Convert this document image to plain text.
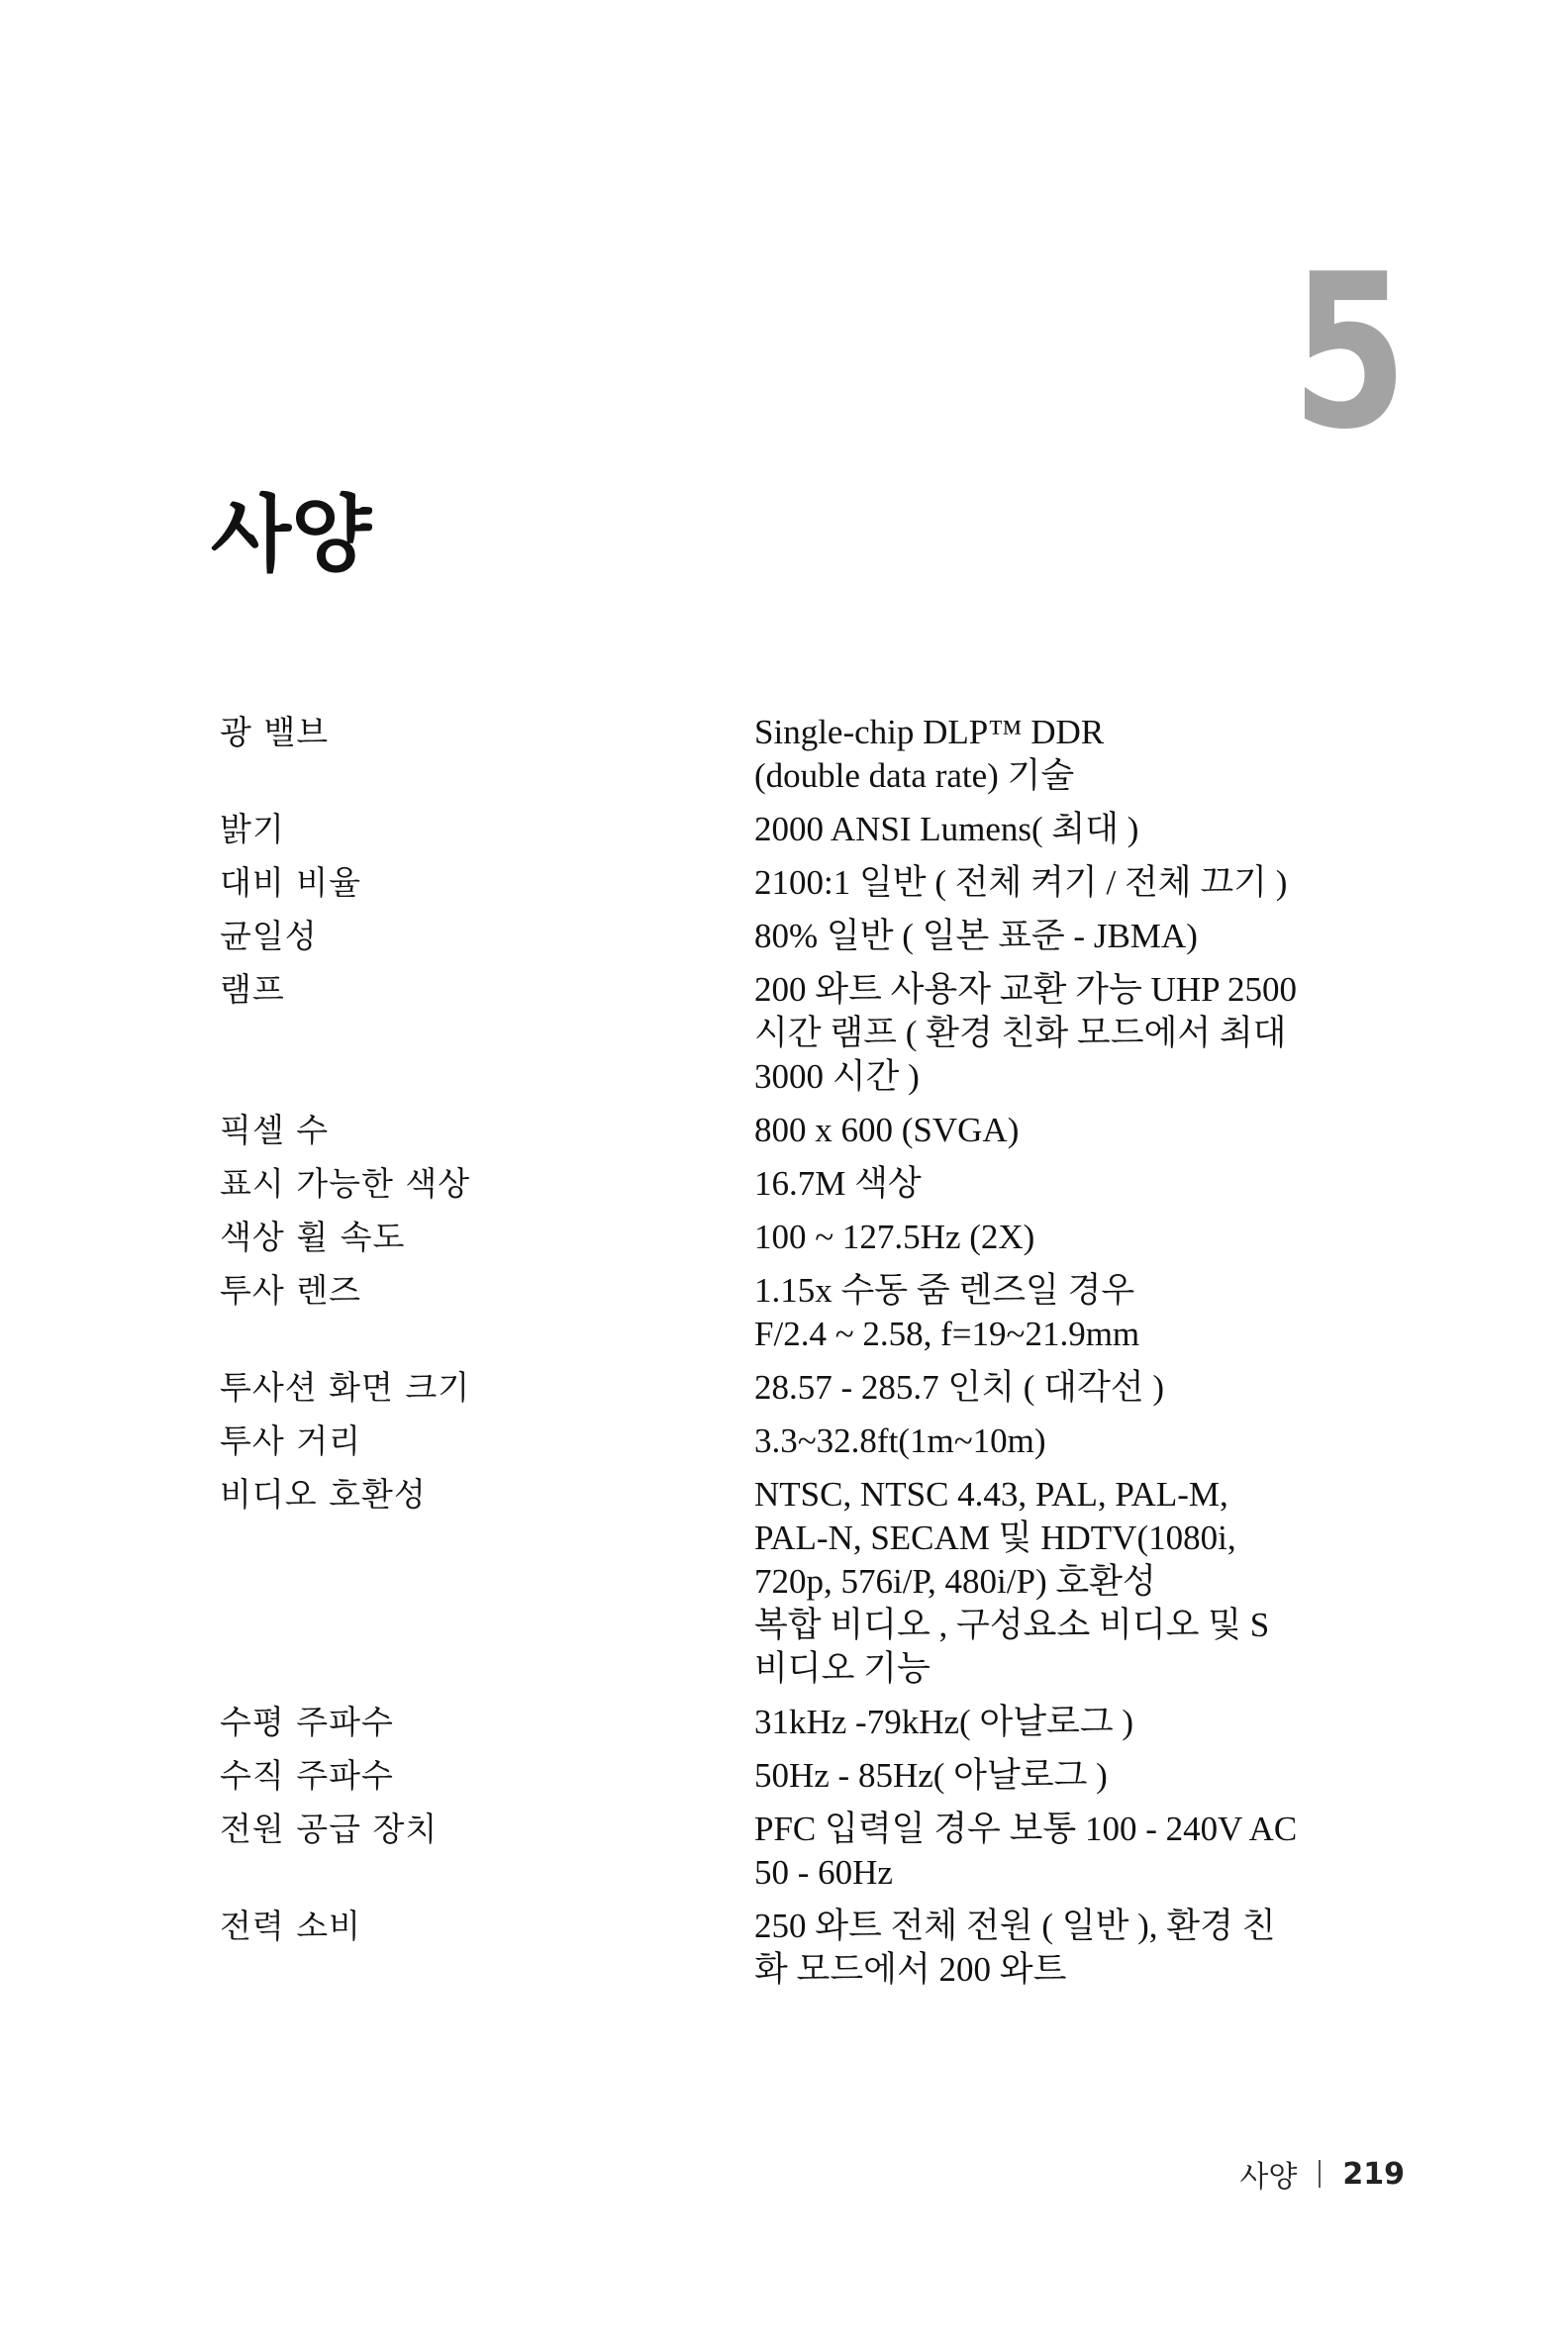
5
사양
광 밸브	Single-chip DLP™ DDR
(double data rate) 기술
밝기	2000 ANSI Lumens( 최대 )
대비 비율	2100:1 일반 ( 전체 켜기 / 전체 끄기 )
균일성	80% 일반 ( 일본 표준 - JBMA)
램프	200 와트 사용자 교환 가능 UHP 2500
시간 램프 ( 환경 친화 모드에서 최대
3000 시간 )
픽셀 수	800 x 600 (SVGA)
표시 가능한 색상	16.7M 색상
색상 휠 속도	100 ~ 127.5Hz (2X)
투사 렌즈	1.15x 수동 줌 렌즈일 경우
F/2.4 ~ 2.58, f=19~21.9mm
투사션 화면 크기	28.57 - 285.7 인치 ( 대각선 )
투사 거리	3.3~32.8ft(1m~10m)
비디오 호환성	NTSC, NTSC 4.43, PAL, PAL-M,
PAL-N, SECAM 및 HDTV(1080i,
720p, 576i/P, 480i/P) 호환성
복합 비디오 , 구성요소 비디오 및 S
비디오 기능
수평 주파수	31kHz -79kHz( 아날로그 )
수직 주파수	50Hz - 85Hz( 아날로그 )
전원 공급 장치	PFC 입력일 경우 보통 100 - 240V AC
50 - 60Hz
전력 소비	250 와트 전체 전원 ( 일반 ), 환경 친
화 모드에서 200 와트
사양 219
